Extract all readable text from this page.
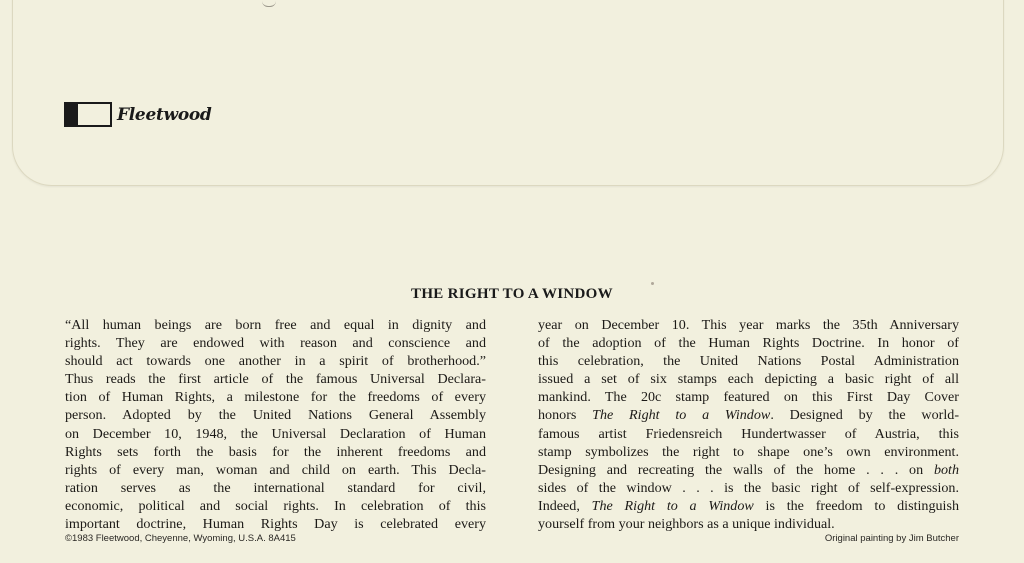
Fleetwood
THE RIGHT TO A WINDOW
“All human beings are born free and equal in dignity and
rights. They are endowed with reason and conscience and
should act towards one another in a spirit of brotherhood.”
Thus reads the first article of the famous Universal Declara-
tion of Human Rights, a milestone for the freedoms of every
person. Adopted by the United Nations General Assembly
on December 10, 1948, the Universal Declaration of Human
Rights sets forth the basis for the inherent freedoms and
rights of every man, woman and child on earth. This Decla-
ration serves as the international standard for civil,
economic, political and social rights. In celebration of this
important doctrine, Human Rights Day is celebrated every
year on December 10. This year marks the 35th Anniversary
of the adoption of the Human Rights Doctrine. In honor of
this celebration, the United Nations Postal Administration
issued a set of six stamps each depicting a basic right of all
mankind. The 20c stamp featured on this First Day Cover
honors The Right to a Window. Designed by the world-
famous artist Friedensreich Hundertwasser of Austria, this
stamp symbolizes the right to shape one’s own environment.
Designing and recreating the walls of the home . . . on both
sides of the window . . . is the basic right of self-expression.
Indeed, The Right to a Window is the freedom to distinguish
yourself from your neighbors as a unique individual.
©1983 Fleetwood, Cheyenne, Wyoming, U.S.A. 8A415	Original painting by Jim Butcher
